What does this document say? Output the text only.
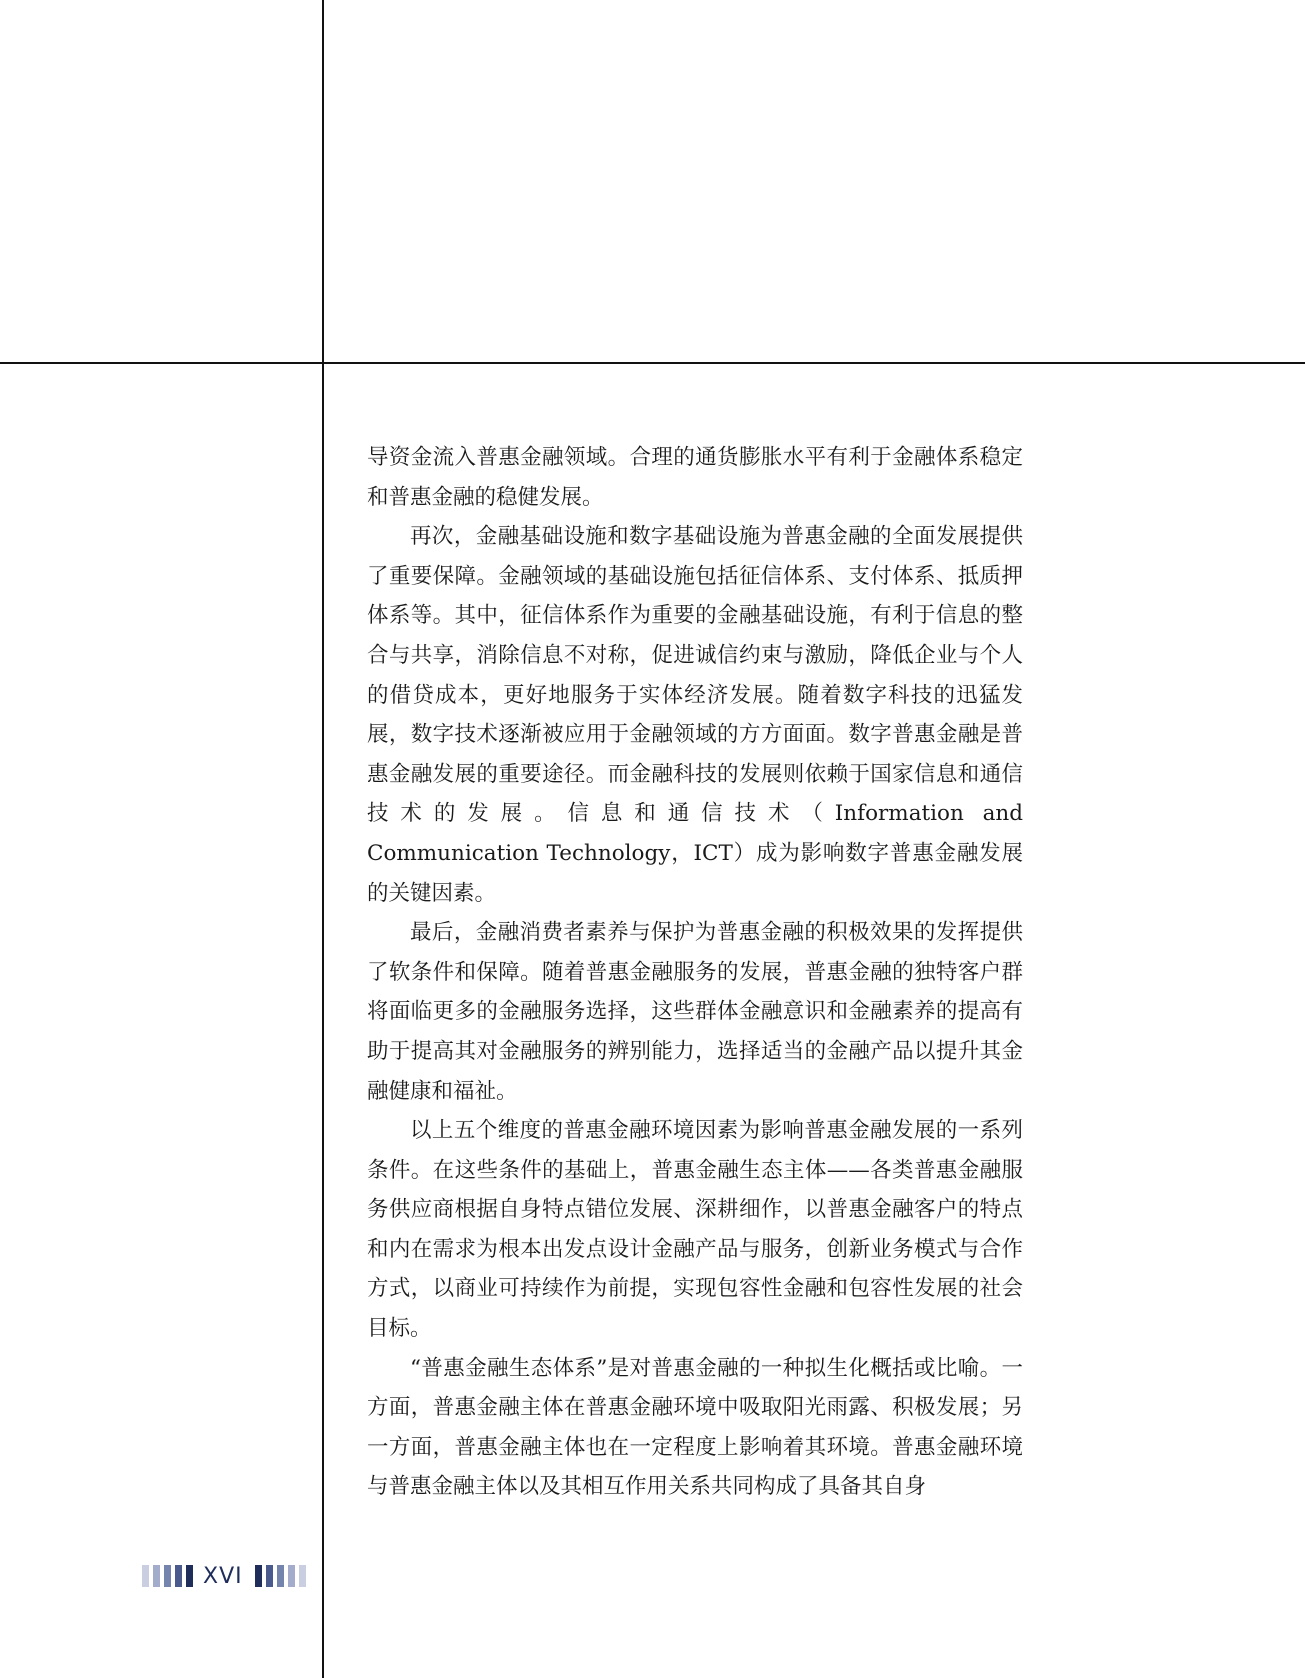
导资金流入普惠金融领域。合理的通货膨胀水平有利于金融体系稳定和普惠金融的稳健发展。

再次，金融基础设施和数字基础设施为普惠金融的全面发展提供了重要保障。金融领域的基础设施包括征信体系、支付体系、抵质押体系等。其中，征信体系作为重要的金融基础设施，有利于信息的整合与共享，消除信息不对称，促进诚信约束与激励，降低企业与个人的借贷成本，更好地服务于实体经济发展。随着数字科技的迅猛发展，数字技术逐渐被应用于金融领域的方方面面。数字普惠金融是普惠金融发展的重要途径。而金融科技的发展则依赖于国家信息和通信技术的发展。信息和通信技术（Information and Communication Technology，ICT）成为影响数字普惠金融发展的关键因素。

最后，金融消费者素养与保护为普惠金融的积极效果的发挥提供了软条件和保障。随着普惠金融服务的发展，普惠金融的独特客户群将面临更多的金融服务选择，这些群体金融意识和金融素养的提高有助于提高其对金融服务的辨别能力，选择适当的金融产品以提升其金融健康和福祉。

以上五个维度的普惠金融环境因素为影响普惠金融发展的一系列条件。在这些条件的基础上，普惠金融生态主体——各类普惠金融服务供应商根据自身特点错位发展、深耕细作，以普惠金融客户的特点和内在需求为根本出发点设计金融产品与服务，创新业务模式与合作方式，以商业可持续作为前提，实现包容性金融和包容性发展的社会目标。

“普惠金融生态体系”是对普惠金融的一种拟生化概括或比喻。一方面，普惠金融主体在普惠金融环境中吸取阳光雨露、积极发展；另一方面，普惠金融主体也在一定程度上影响着其环境。普惠金融环境与普惠金融主体以及其相互作用关系共同构成了具备其自身

XVI
